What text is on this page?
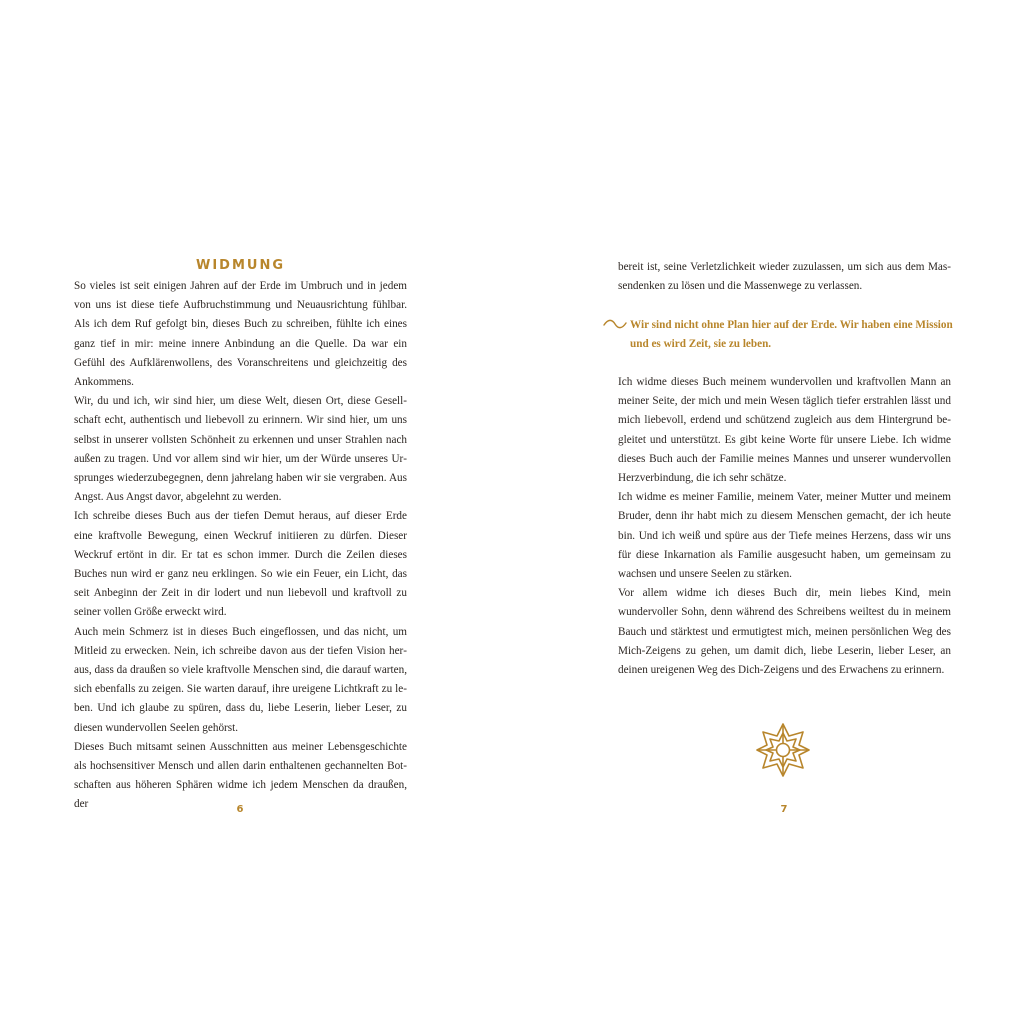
WIDMUNG

So vieles ist seit einigen Jahren auf der Erde im Umbruch und in jedem von uns ist diese tiefe Aufbruchstimmung und Neuausrichtung fühlbar. Als ich dem Ruf gefolgt bin, dieses Buch zu schreiben, fühlte ich eines ganz tief in mir: meine innere Anbindung an die Quelle. Da war ein Gefühl des Aufklärenwollens, des Voranschreitens und gleichzeitig des Ankommens.

Wir, du und ich, wir sind hier, um diese Welt, diesen Ort, diese Gesellschaft echt, authentisch und liebevoll zu erinnern. Wir sind hier, um uns selbst in unserer vollsten Schönheit zu erkennen und unser Strahlen nach außen zu tragen. Und vor allem sind wir hier, um der Würde unseres Ursprunges wiederzubegegnen, denn jahrelang haben wir sie vergraben. Aus Angst. Aus Angst davor, abgelehnt zu werden.

Ich schreibe dieses Buch aus der tiefen Demut heraus, auf dieser Erde eine kraftvolle Bewegung, einen Weckruf initiieren zu dürfen. Dieser Weckruf ertönt in dir. Er tat es schon immer. Durch die Zeilen dieses Buches nun wird er ganz neu erklingen. So wie ein Feuer, ein Licht, das seit Anbeginn der Zeit in dir lodert und nun liebevoll und kraftvoll zu seiner vollen Größe erweckt wird.

Auch mein Schmerz ist in dieses Buch eingeflossen, und das nicht, um Mitleid zu erwecken. Nein, ich schreibe davon aus der tiefen Vision heraus, dass da draußen so viele kraftvolle Menschen sind, die darauf warten, sich ebenfalls zu zeigen. Sie warten darauf, ihre ureigene Lichtkraft zu leben. Und ich glaube zu spüren, dass du, liebe Leserin, lieber Leser, zu diesen wundervollen Seelen gehörst.

Dieses Buch mitsamt seinen Ausschnitten aus meiner Lebensgeschichte als hochsensitiver Mensch und allen darin enthaltenen gechannelten Botschaften aus höheren Sphären widme ich jedem Menschen da draußen, der	6

bereit ist, seine Verletzlichkeit wieder zuzulassen, um sich aus dem Massendenken zu lösen und die Massenwege zu verlassen.

Wir sind nicht ohne Plan hier auf der Erde. Wir haben eine Mission und es wird Zeit, sie zu leben.

Ich widme dieses Buch meinem wundervollen und kraftvollen Mann an meiner Seite, der mich und mein Wesen täglich tiefer erstrahlen lässt und mich liebevoll, erdend und schützend zugleich aus dem Hintergrund begleitet und unterstützt. Es gibt keine Worte für unsere Liebe. Ich widme dieses Buch auch der Familie meines Mannes und unserer wundervollen Herzverbindung, die ich sehr schätze.

Ich widme es meiner Familie, meinem Vater, meiner Mutter und meinem Bruder, denn ihr habt mich zu diesem Menschen gemacht, der ich heute bin. Und ich weiß und spüre aus der Tiefe meines Herzens, dass wir uns für diese Inkarnation als Familie ausgesucht haben, um gemeinsam zu wachsen und unsere Seelen zu stärken.

Vor allem widme ich dieses Buch dir, mein liebes Kind, mein wundervoller Sohn, denn während des Schreibens weiltest du in meinem Bauch und stärktest und ermutigtest mich, meinen persönlichen Weg des Mich-Zeigens zu gehen, um damit dich, liebe Leserin, lieber Leser, an deinen ureigenen Weg des Dich-Zeigens und des Erwachens zu erinnern.

7
